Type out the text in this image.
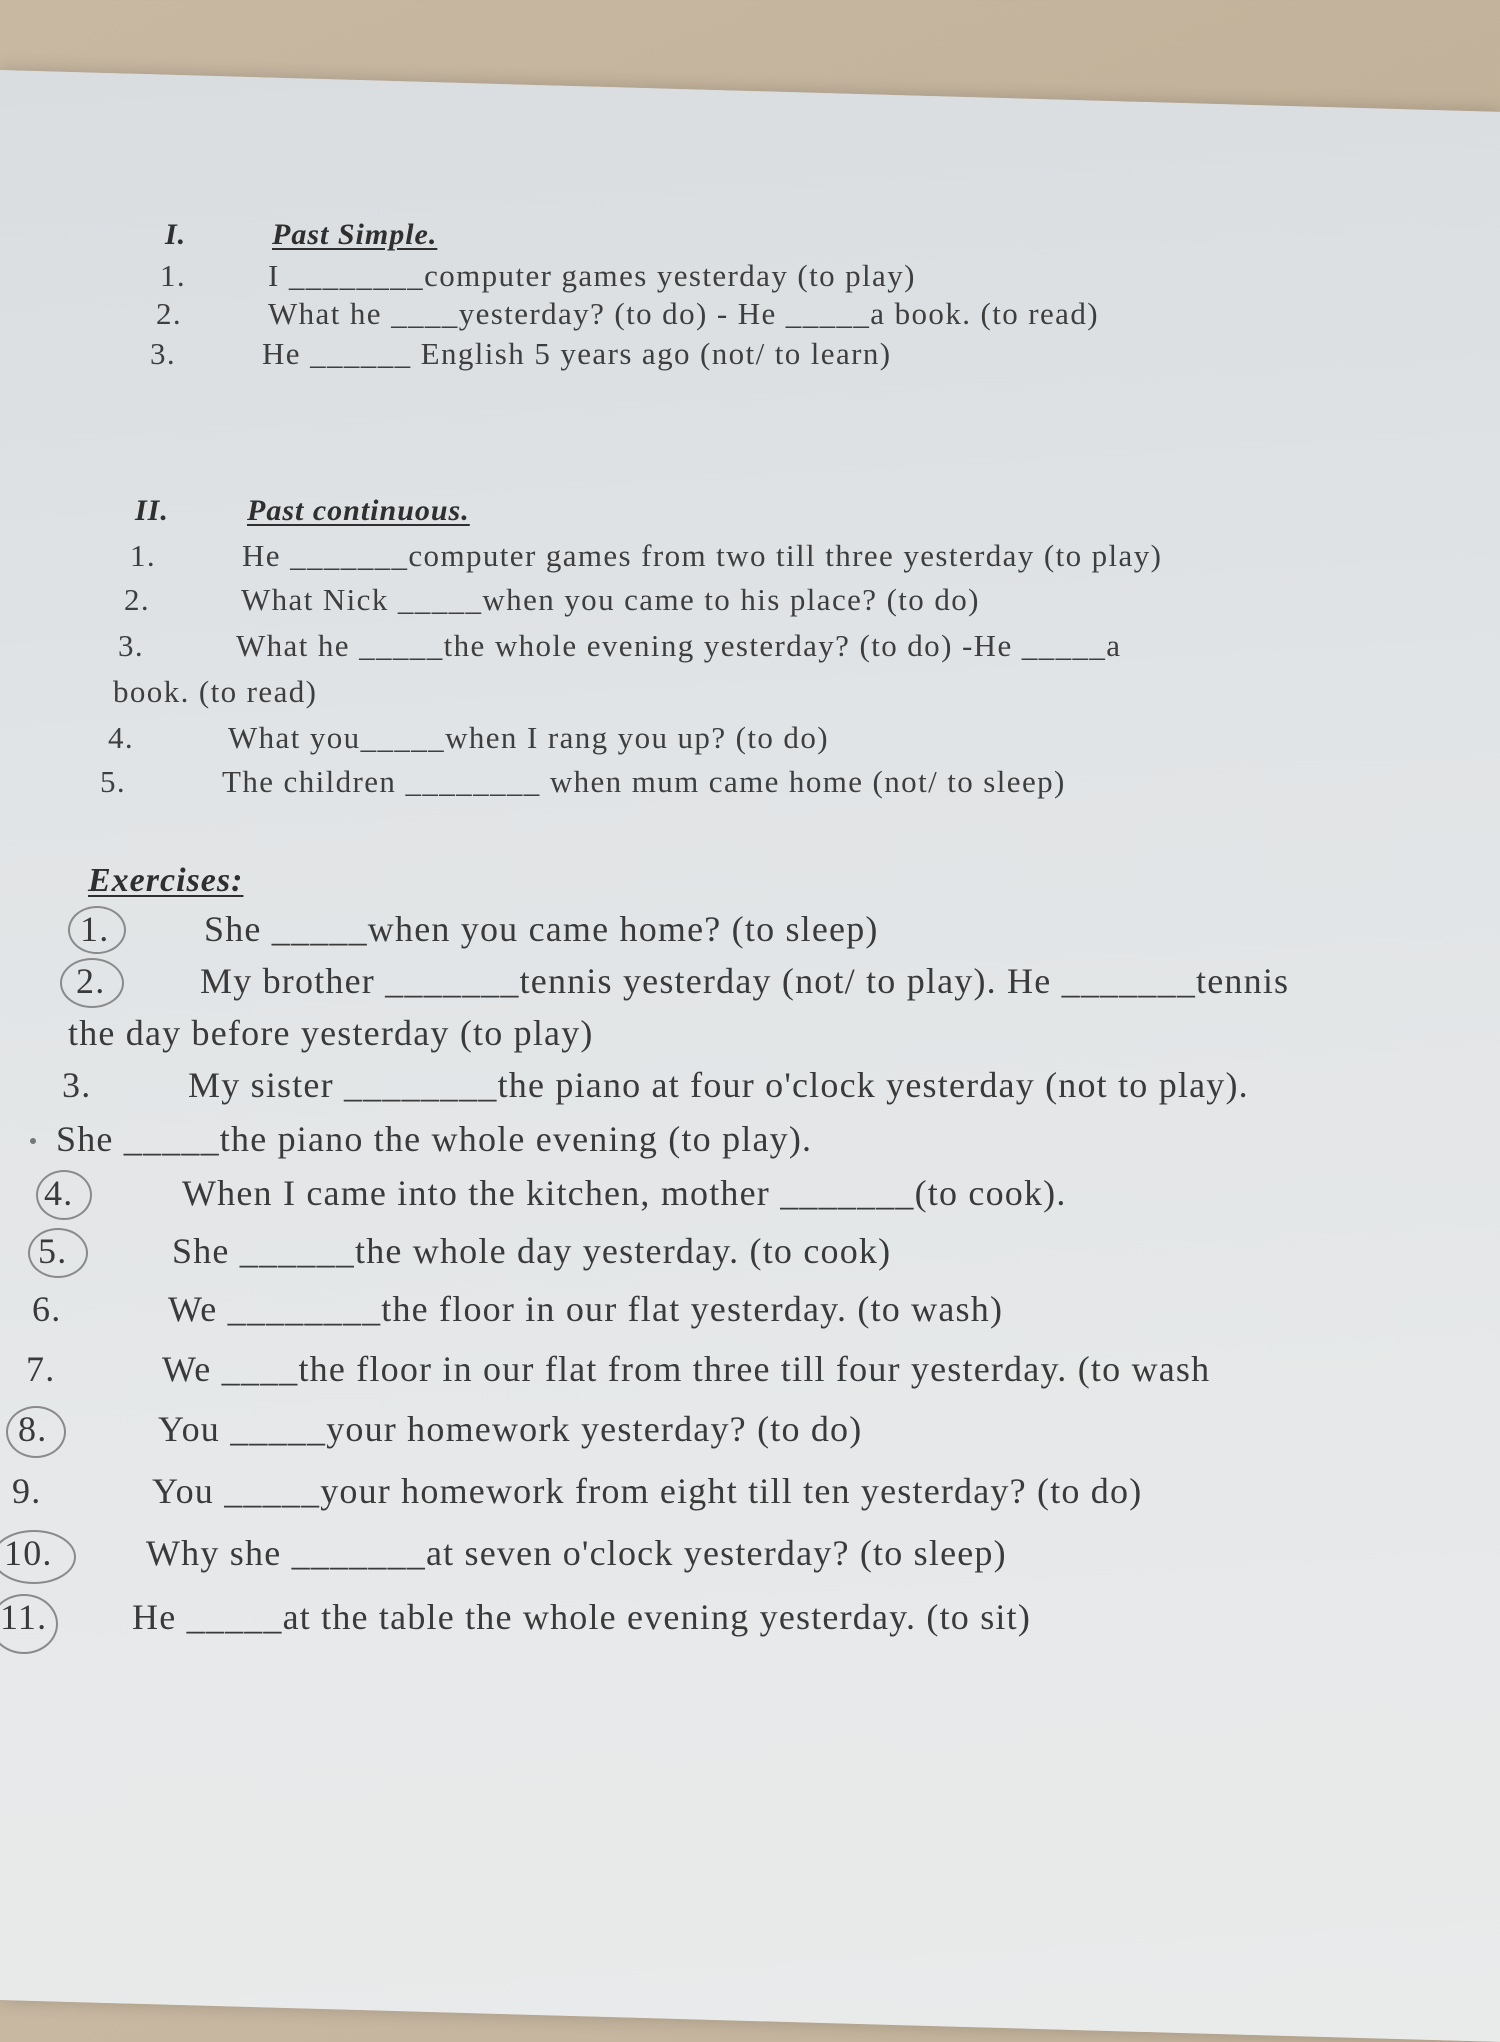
I.	Past Simple.
1.	I ________computer games yesterday (to play)
2.	What he ____yesterday? (to do) - He _____a book. (to read)
3.	He ______ English 5 years ago (not/ to learn)
II.	Past continuous.
1.	He _______computer games from two till three yesterday (to play)
2.	What Nick _____when you came to his place? (to do)
3.	What he _____the whole evening yesterday? (to do) -He _____a
book. (to read)
4.	What you_____when I rang you up? (to do)
5.	The children ________ when mum came home (not/ to sleep)
Exercises:
1.	She _____when you came home? (to sleep)
2.	My brother _______tennis yesterday (not/ to play). He _______tennis
the day before yesterday (to play)
3.	My sister ________the piano at four o'clock yesterday (not to play).
She _____the piano the whole evening (to play).
4.	When I came into the kitchen, mother _______(to cook).
5.	She ______the whole day yesterday. (to cook)
6.	We ________the floor in our flat yesterday. (to wash)
7.	We ____the floor in our flat from three till four yesterday. (to wash
8.	You _____your homework yesterday? (to do)
9.	You _____your homework from eight till ten yesterday? (to do)
10.	Why she _______at seven o'clock yesterday? (to sleep)
11. He _____at the table the whole evening yesterday. (to sit)
